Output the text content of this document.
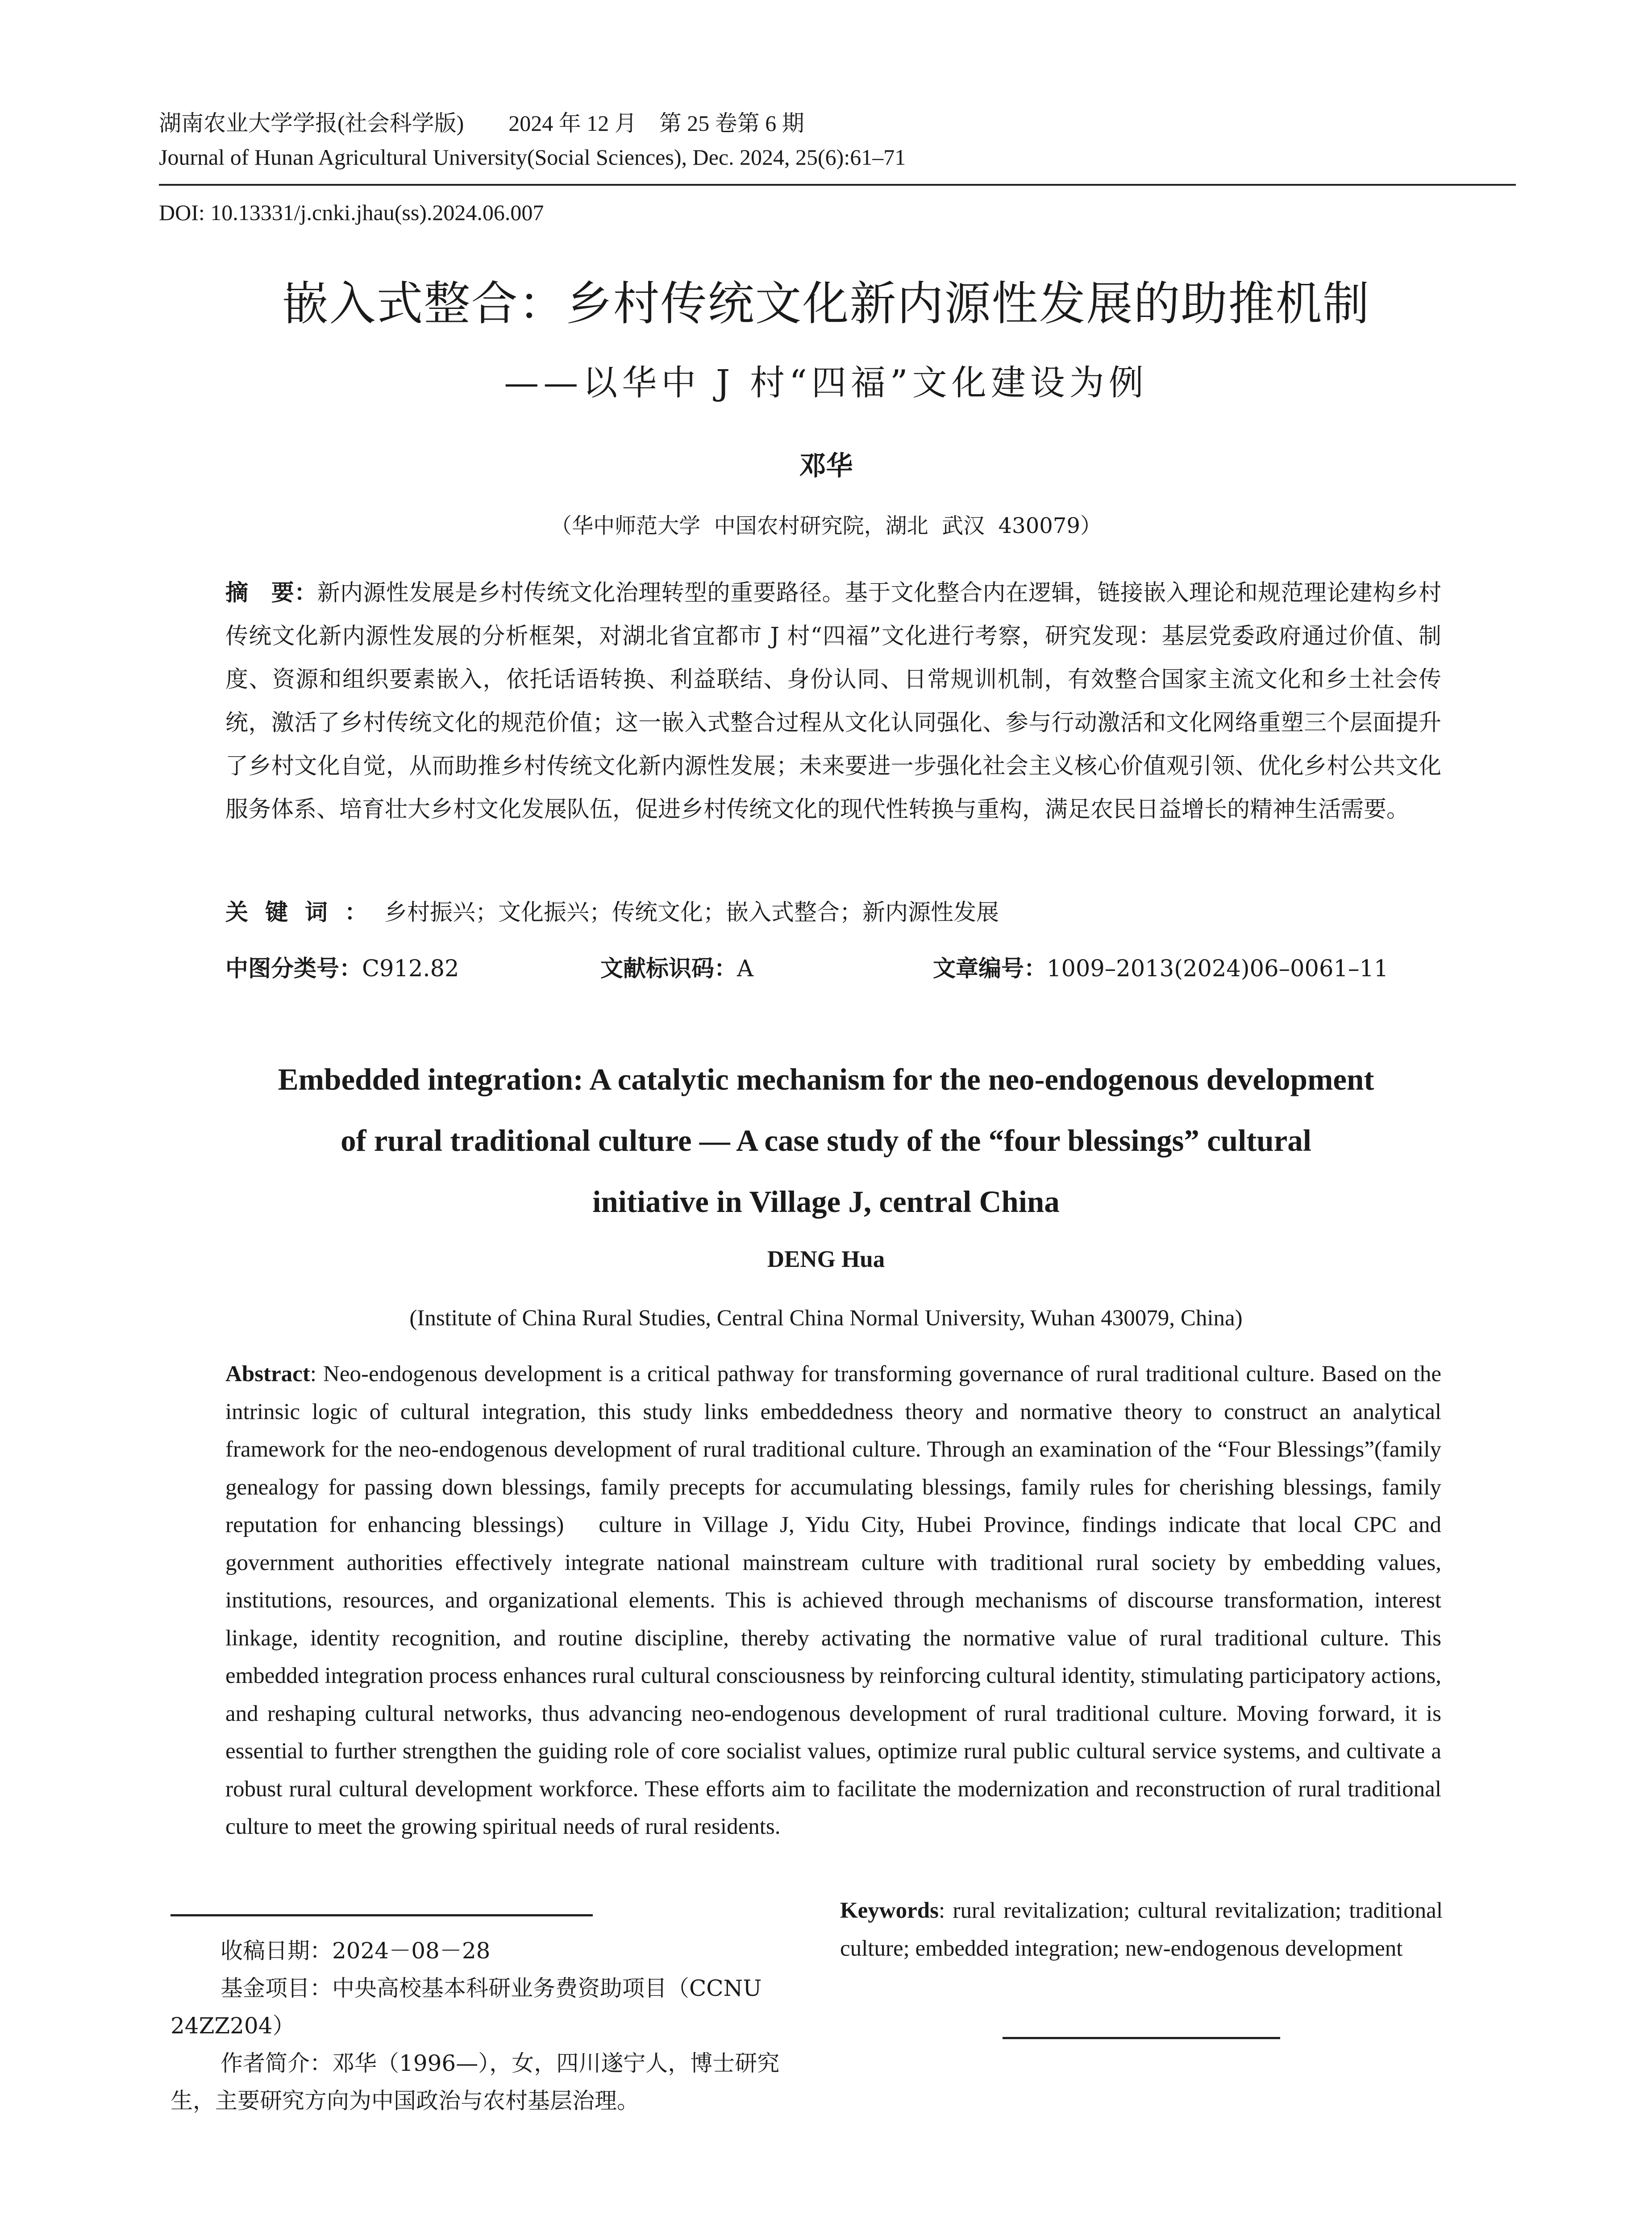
湖南农业大学学报(社会科学版)　　2024 年 12 月　第 25 卷第 6 期
Journal of Hunan Agricultural University(Social Sciences), Dec. 2024, 25(6):61–71
DOI: 10.13331/j.cnki.jhau(ss).2024.06.007
嵌入式整合：乡村传统文化新内源性发展的助推机制
——以华中 J 村“四福”文化建设为例
邓华
（华中师范大学  中国农村研究院，湖北  武汉  430079）
摘　要：新内源性发展是乡村传统文化治理转型的重要路径。基于文化整合内在逻辑，链接嵌入理论和规范理论建构乡村传统文化新内源性发展的分析框架，对湖北省宜都市 J 村“四福”文化进行考察，研究发现：基层党委政府通过价值、制度、资源和组织要素嵌入，依托话语转换、利益联结、身份认同、日常规训机制，有效整合国家主流文化和乡土社会传统，激活了乡村传统文化的规范价值；这一嵌入式整合过程从文化认同强化、参与行动激活和文化网络重塑三个层面提升了乡村文化自觉，从而助推乡村传统文化新内源性发展；未来要进一步强化社会主义核心价值观引领、优化乡村公共文化服务体系、培育壮大乡村文化发展队伍，促进乡村传统文化的现代性转换与重构，满足农民日益增长的精神生活需要。
关键词：乡村振兴；文化振兴；传统文化；嵌入式整合；新内源性发展
中图分类号：C912.82	文献标识码：A	文章编号：1009–2013(2024)06–0061–11
Embedded integration: A catalytic mechanism for the neo-endogenous development
of rural traditional culture — A case study of the “four blessings” cultural
initiative in Village J, central China
DENG Hua
(Institute of China Rural Studies, Central China Normal University, Wuhan 430079, China)
Abstract: Neo-endogenous development is a critical pathway for transforming governance of rural traditional culture. Based on the intrinsic logic of cultural integration, this study links embeddedness theory and normative theory to construct an analytical framework for the neo-endogenous development of rural traditional culture. Through an examination of the “Four Blessings”(family genealogy for passing down blessings, family precepts for accumulating blessings, family rules for cherishing blessings, family reputation for enhancing blessings)　culture in Village J, Yidu City, Hubei Province, findings indicate that local CPC and government authorities effectively integrate national mainstream culture with traditional rural society by embedding values, institutions, resources, and organizational elements. This is achieved through mechanisms of discourse transformation, interest linkage, identity recognition, and routine discipline, thereby activating the normative value of rural traditional culture. This embedded integration process enhances rural cultural consciousness by reinforcing cultural identity, stimulating participatory actions, and reshaping cultural networks, thus advancing neo-endogenous development of rural traditional culture. Moving forward, it is essential to further strengthen the guiding role of core socialist values, optimize rural public cultural service systems, and cultivate a robust rural cultural development workforce. These efforts aim to facilitate the modernization and reconstruction of rural traditional culture to meet the growing spiritual needs of rural residents.
Keywords: rural revitalization; cultural revitalization; traditional culture; embedded integration; new-endogenous development

收稿日期：2024－08－28

基金项目：中央高校基本科研业务费资助项目（CCNU 24ZZ204）

作者简介：邓华（1996—），女，四川遂宁人，博士研究生，主要研究方向为中国政治与农村基层治理。
